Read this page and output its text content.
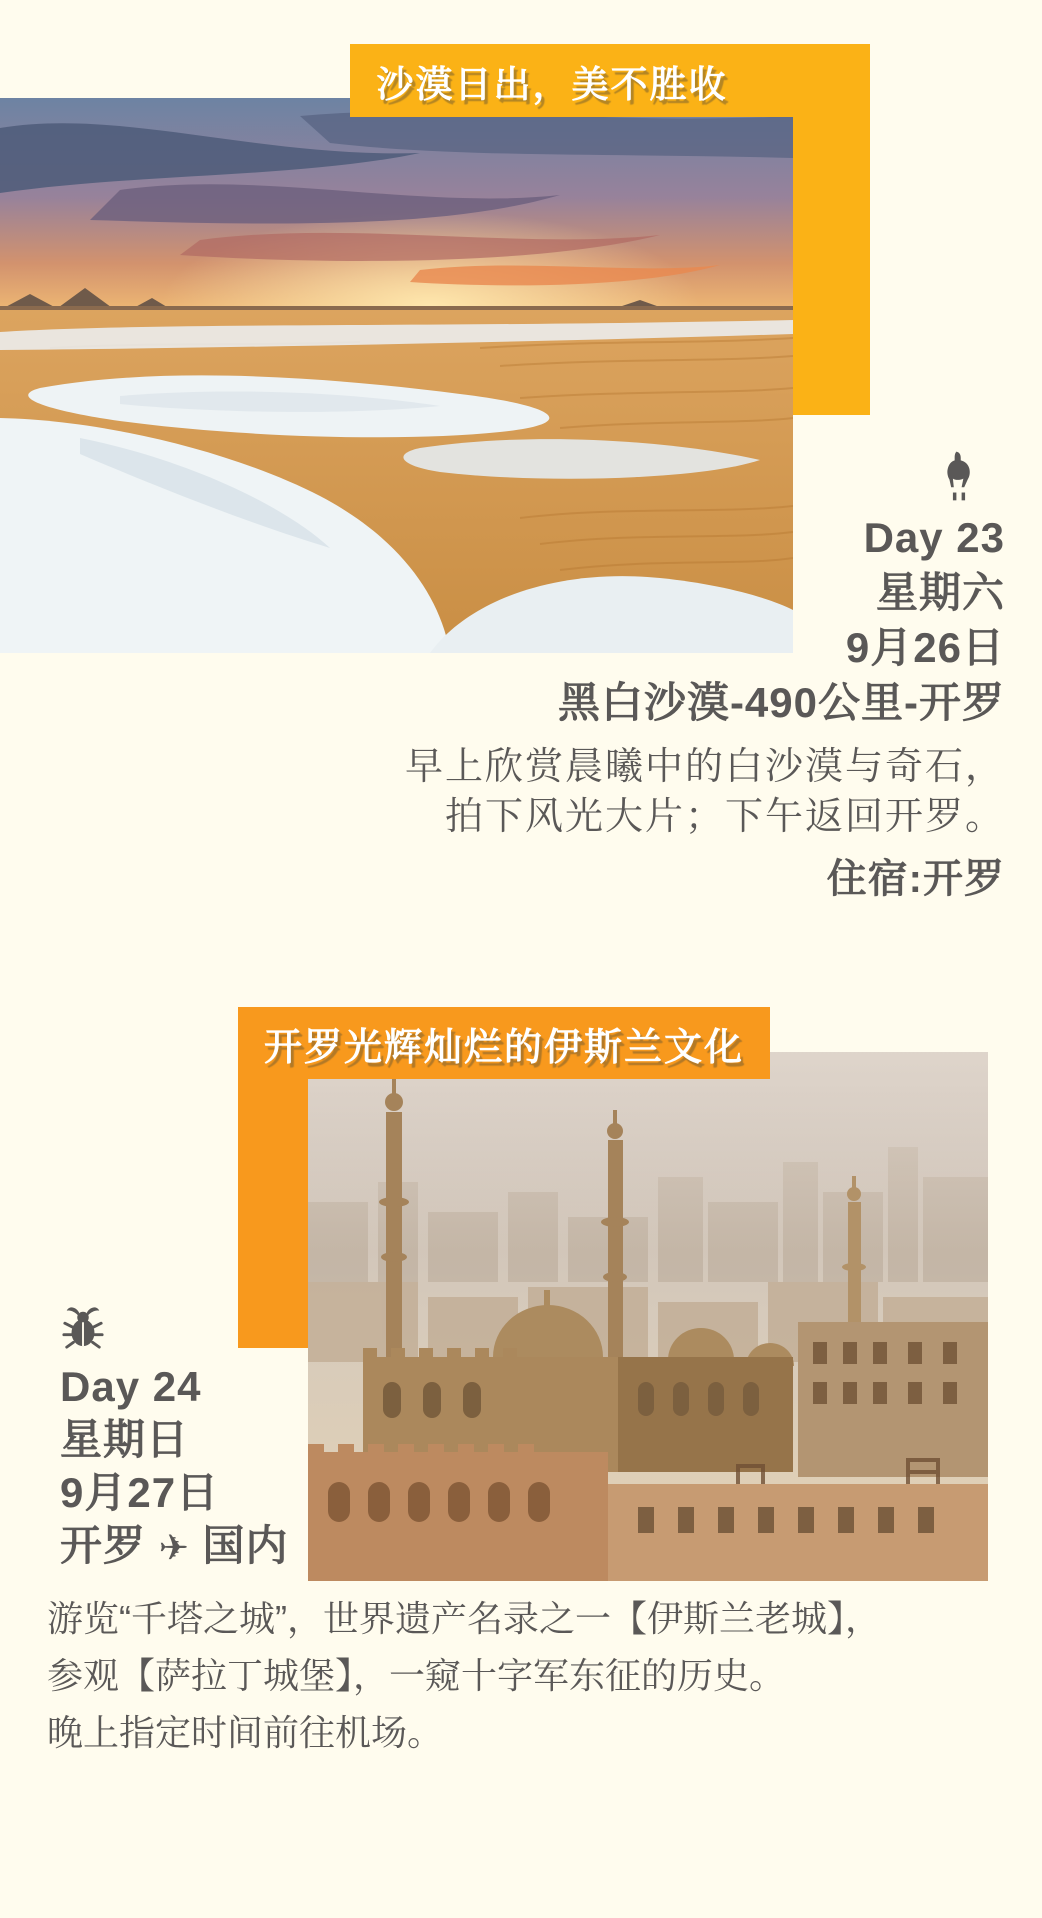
沙漠日出，美不胜收
Day 23
星期六
9月26日
黑白沙漠-490公里-开罗
早上欣赏晨曦中的白沙漠与奇石，
拍下风光大片；下午返回开罗。
住宿:开罗
开罗光辉灿烂的伊斯兰文化
Day 24
星期日
9月27日
开罗 ✈ 国内
游览“千塔之城”，世界遗产名录之一【伊斯兰老城】，
参观【萨拉丁城堡】，一窥十字军东征的历史。
晚上指定时间前往机场。
